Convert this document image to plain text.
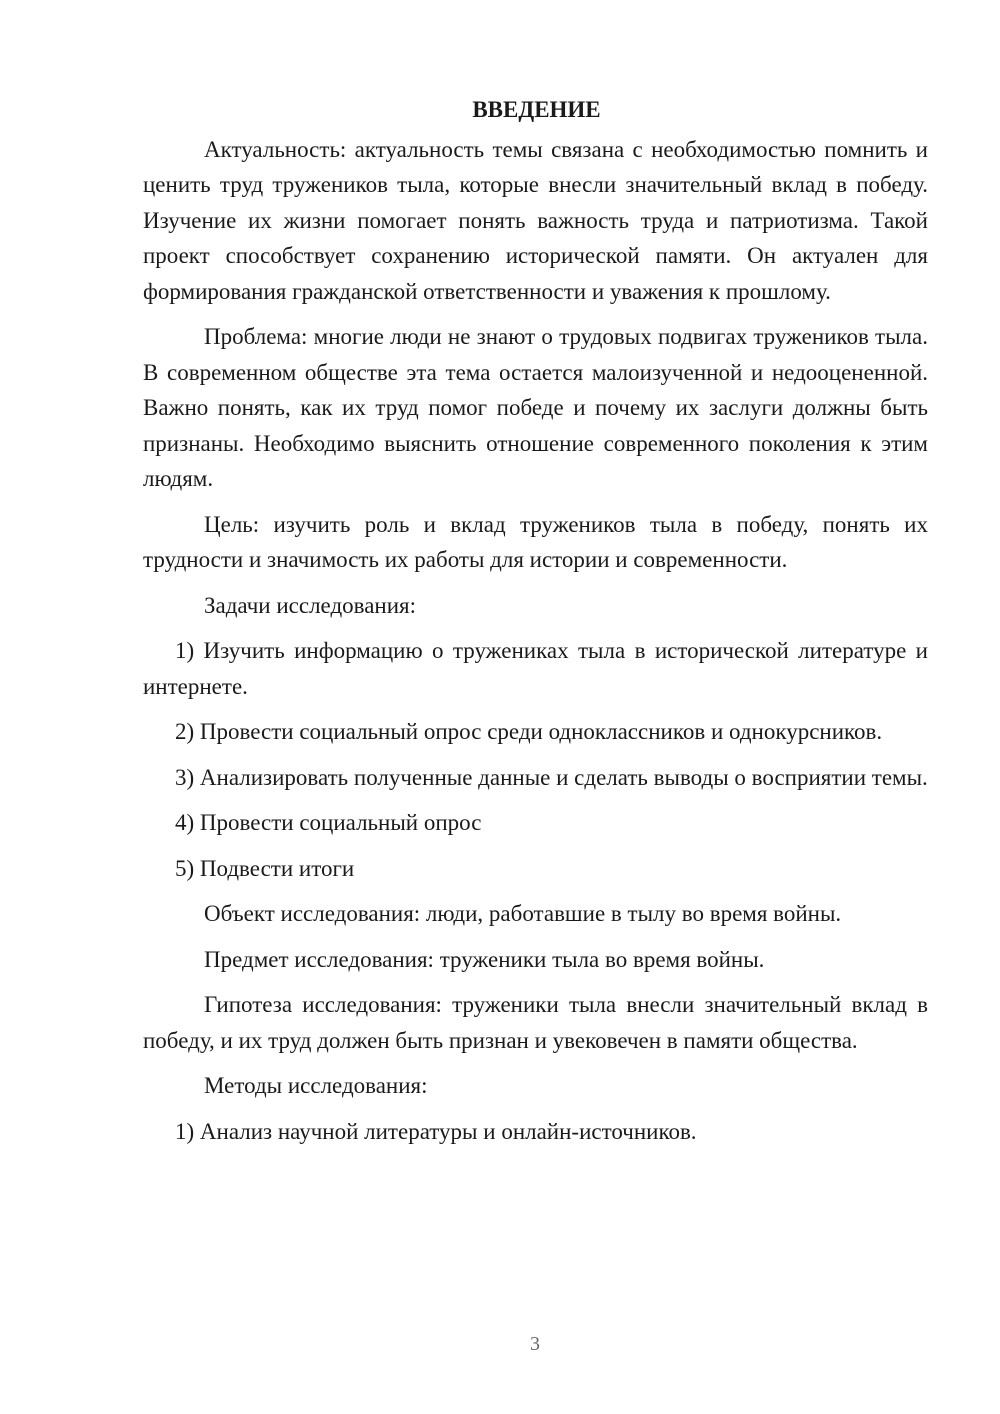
ВВЕДЕНИЕ

Актуальность: актуальность темы связана с необходимостью помнить и ценить труд тружеников тыла, которые внесли значительный вклад в победу. Изучение их жизни помогает понять важность труда и патриотизма. Такой проект способствует сохранению исторической памяти. Он актуален для формирования гражданской ответственности и уважения к прошлому.

Проблема: многие люди не знают о трудовых подвигах тружеников тыла. В современном обществе эта тема остается малоизученной и недооцененной. Важно понять, как их труд помог победе и почему их заслуги должны быть признаны. Необходимо выяснить отношение современного поколения к этим людям.

Цель: изучить роль и вклад тружеников тыла в победу, понять их трудности и значимость их работы для истории и современности.

Задачи исследования:

1) Изучить информацию о тружениках тыла в исторической литературе и интернете.

2) Провести социальный опрос среди одноклассников и однокурсников.

3) Анализировать полученные данные и сделать выводы о восприятии темы.

4) Провести социальный опрос

5) Подвести итоги

Объект исследования: люди, работавшие в тылу во время войны.

Предмет исследования: труженики тыла во время войны.

Гипотеза исследования: труженики тыла внесли значительный вклад в победу, и их труд должен быть признан и увековечен в памяти общества.

Методы исследования:

1) Анализ научной литературы и онлайн-источников.

3
